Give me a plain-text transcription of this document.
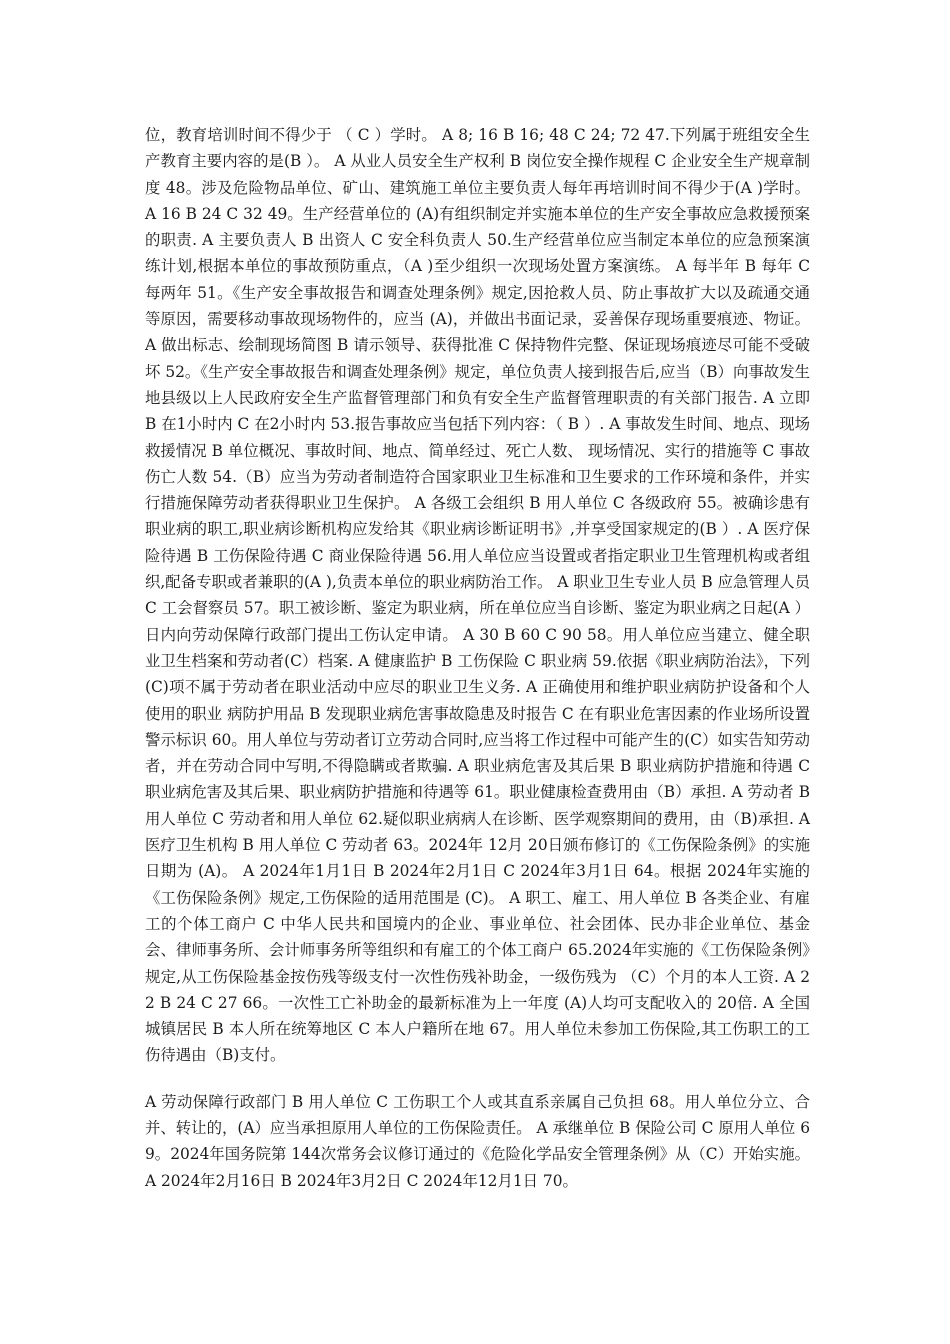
位，教育培训时间不得少于 （ C ）学时。 A 8; 16 B 16; 48 C 24; 72 47.下列属于班组安全生产教育主要内容的是(B ）。 A 从业人员安全生产权利 B 岗位安全操作规程 C 企业安全生产规章制度 48。涉及危险物品单位、矿山、建筑施工单位主要负责人每年再培训时间不得少于(A )学时。 A 16 B 24 C 32 49。生产经营单位的 (A)有组织制定并实施本单位的生产安全事故应急救援预案的职责. A 主要负责人 B 出资人 C 安全科负责人 50.生产经营单位应当制定本单位的应急预案演练计划,根据本单位的事故预防重点，（A )至少组织一次现场处置方案演练。 A 每半年 B 每年 C 每两年 51。《生产安全事故报告和调查处理条例》规定,因抢救人员、防止事故扩大以及疏通交通等原因，需要移动事故现场物件的，应当 (A)，并做出书面记录，妥善保存现场重要痕迹、物证。 A 做出标志、绘制现场简图 B 请示领导、获得批准 C 保持物件完整、保证现场痕迹尽可能不受破坏 52。《生产安全事故报告和调查处理条例》规定，单位负责人接到报告后,应当（B）向事故发生地县级以上人民政府安全生产监督管理部门和负有安全生产监督管理职责的有关部门报告. A 立即 B 在1小时内 C 在2小时内 53.报告事故应当包括下列内容：（ B ）. A 事故发生时间、地点、现场救援情况 B 单位概况、事故时间、地点、简单经过、死亡人数、 现场情况、实行的措施等 C 事故伤亡人数 54.（B）应当为劳动者制造符合国家职业卫生标准和卫生要求的工作环境和条件，并实行措施保障劳动者获得职业卫生保护。 A 各级工会组织 B 用人单位 C 各级政府 55。被确诊患有职业病的职工,职业病诊断机构应发给其《职业病诊断证明书》,并享受国家规定的(B ）. A 医疗保险待遇 B 工伤保险待遇 C 商业保险待遇 56.用人单位应当设置或者指定职业卫生管理机构或者组织,配备专职或者兼职的(A ),负责本单位的职业病防治工作。 A 职业卫生专业人员 B 应急管理人员 C 工会督察员 57。职工被诊断、鉴定为职业病，所在单位应当自诊断、鉴定为职业病之日起(A ）日内向劳动保障行政部门提出工伤认定申请。 A 30 B 60 C 90 58。用人单位应当建立、健全职业卫生档案和劳动者(C）档案. A 健康监护 B 工伤保险 C 职业病 59.依据《职业病防治法》，下列(C)项不属于劳动者在职业活动中应尽的职业卫生义务. A 正确使用和维护职业病防护设备和个人使用的职业 病防护用品 B 发现职业病危害事故隐患及时报告 C 在有职业危害因素的作业场所设置警示标识 60。用人单位与劳动者订立劳动合同时,应当将工作过程中可能产生的(C）如实告知劳动者，并在劳动合同中写明,不得隐瞒或者欺骗. A 职业病危害及其后果 B 职业病防护措施和待遇 C 职业病危害及其后果、职业病防护措施和待遇等 61。职业健康检查费用由（B）承担. A 劳动者 B 用人单位 C 劳动者和用人单位 62.疑似职业病病人在诊断、医学观察期间的费用，由（B)承担. A 医疗卫生机构 B 用人单位 C 劳动者 63。2024年 12月 20日颁布修订的《工伤保险条例》的实施日期为 (A)。 A 2024年1月1日 B 2024年2月1日 C 2024年3月1日 64。根据 2024年实施的《工伤保险条例》规定,工伤保险的适用范围是 (C)。 A 职工、雇工、用人单位 B 各类企业、有雇工的个体工商户 C 中华人民共和国境内的企业、事业单位、社会团体、民办非企业单位、基金会、律师事务所、会计师事务所等组织和有雇工的个体工商户 65.2024年实施的《工伤保险条例》规定,从工伤保险基金按伤残等级支付一次性伤残补助金，一级伤残为 （C）个月的本人工资. A 22 B 24 C 27 66。一次性工亡补助金的最新标准为上一年度 (A)人均可支配收入的 20倍. A 全国城镇居民 B 本人所在统筹地区 C 本人户籍所在地 67。用人单位未参加工伤保险,其工伤职工的工伤待遇由（B)支付。

A 劳动保障行政部门 B 用人单位 C 工伤职工个人或其直系亲属自己负担 68。用人单位分立、合并、转让的，(A）应当承担原用人单位的工伤保险责任。 A 承继单位 B 保险公司 C 原用人单位 69。2024年国务院第 144次常务会议修订通过的《危险化学品安全管理条例》从（C）开始实施。 A 2024年2月16日 B 2024年3月2日 C 2024年12月1日 70。
